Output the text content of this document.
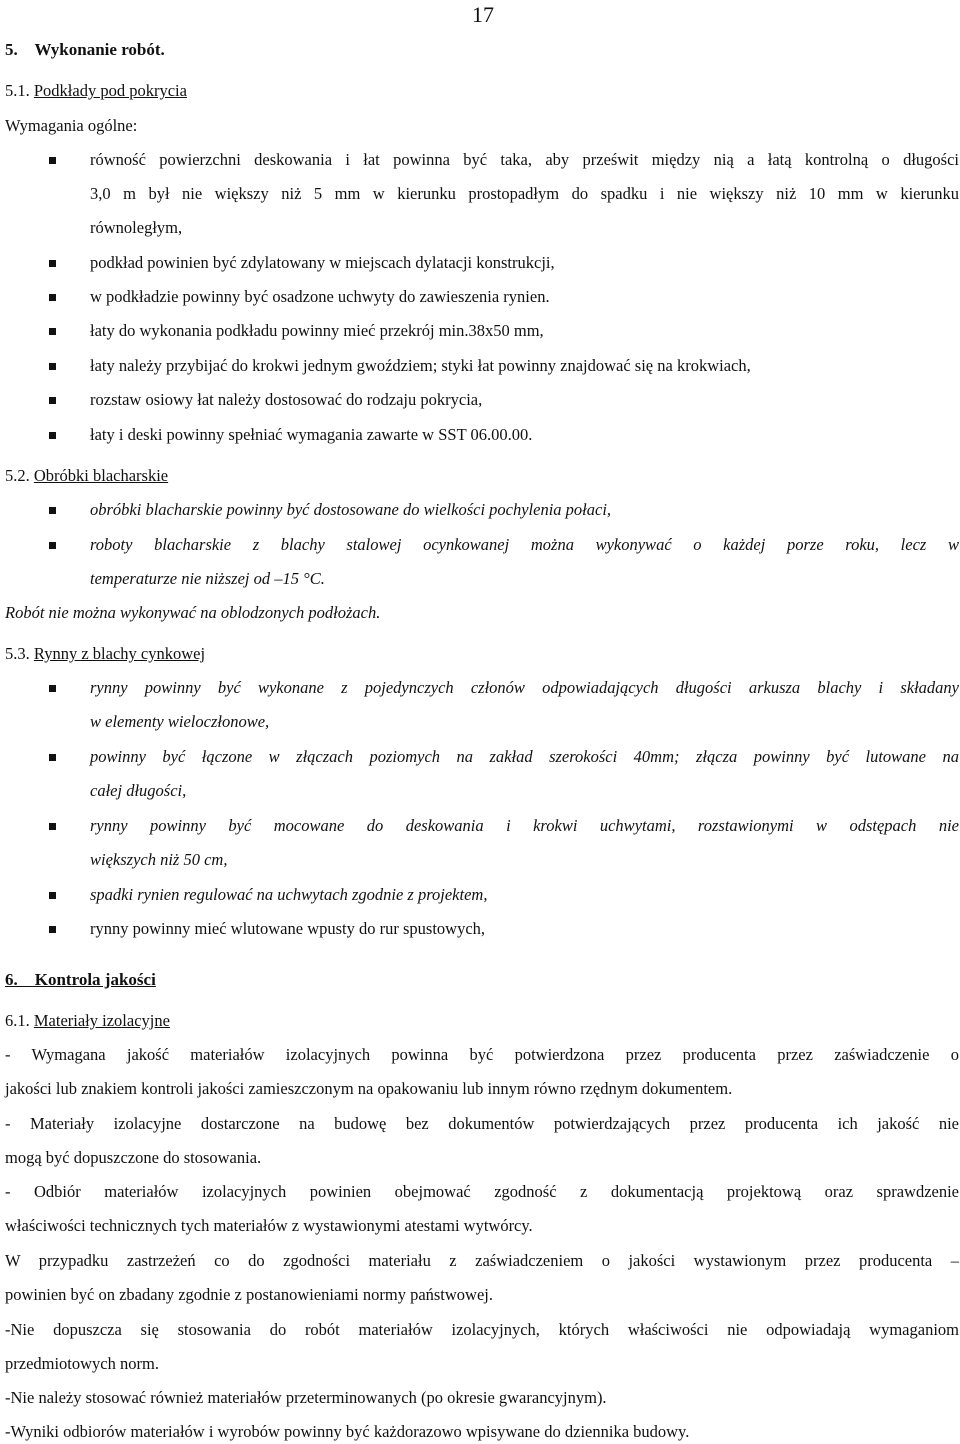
17
5.    Wykonanie robót.
5.1. Podkłady pod pokrycia
Wymagania ogólne:
równość powierzchni deskowania i łat powinna być taka, aby prześwit między nią a łatą kontrolną o długości
3,0 m był nie większy niż 5 mm w kierunku prostopadłym do spadku i nie większy niż 10 mm w kierunku
równoległym,
podkład powinien być zdylatowany w miejscach dylatacji konstrukcji,
w podkładzie powinny być osadzone uchwyty do zawieszenia rynien.
łaty do wykonania podkładu powinny mieć przekrój min.38x50 mm,
łaty należy przybijać do krokwi jednym gwoździem; styki łat powinny znajdować się na krokwiach,
rozstaw osiowy łat należy dostosować do rodzaju pokrycia,
łaty i deski powinny spełniać wymagania zawarte w SST 06.00.00.
5.2. Obróbki blacharskie
obróbki blacharskie powinny być dostosowane do wielkości pochylenia połaci,
roboty blacharskie z blachy stalowej ocynkowanej można wykonywać o każdej porze roku, lecz w
temperaturze nie niższej od –15 °C.
Robót nie można wykonywać na oblodzonych podłożach.
5.3. Rynny z blachy cynkowej
rynny powinny być wykonane z pojedynczych członów odpowiadających długości arkusza blachy i składany
w elementy wieloczłonowe,
powinny być łączone w złączach poziomych na zakład szerokości 40mm; złącza powinny być lutowane na
całej długości,
rynny powinny być mocowane do deskowania i krokwi uchwytami, rozstawionymi w odstępach nie
większych niż 50 cm,
spadki rynien regulować na uchwytach zgodnie z projektem,
rynny powinny mieć wlutowane wpusty do rur spustowych,
6.    Kontrola jakości
6.1. Materiały izolacyjne
- Wymagana jakość materiałów izolacyjnych powinna być potwierdzona przez producenta przez zaświadczenie o
jakości lub znakiem kontroli jakości zamieszczonym na opakowaniu lub innym równo rzędnym dokumentem.
- Materiały izolacyjne dostarczone na budowę bez dokumentów potwierdzających przez producenta ich jakość nie
mogą być dopuszczone do stosowania.
- Odbiór materiałów izolacyjnych powinien obejmować zgodność z dokumentacją projektową oraz sprawdzenie
właściwości technicznych tych materiałów z wystawionymi atestami wytwórcy.
W przypadku zastrzeżeń co do zgodności materiału z zaświadczeniem o jakości wystawionym przez producenta –
powinien być on zbadany zgodnie z postanowieniami normy państwowej.
-Nie dopuszcza się stosowania do robót materiałów izolacyjnych, których właściwości nie odpowiadają wymaganiom
przedmiotowych norm.
-Nie należy stosować również materiałów przeterminowanych (po okresie gwarancyjnym).
-Wyniki odbiorów materiałów i wyrobów powinny być każdorazowo wpisywane do dziennika budowy.
